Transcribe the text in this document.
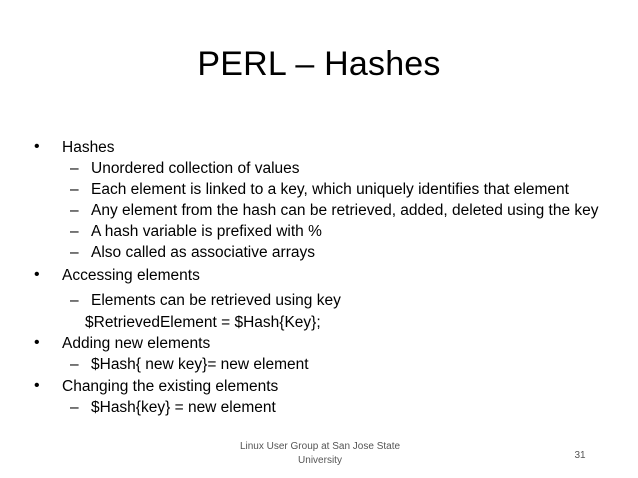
PERL – Hashes
• Hashes
– Unordered collection of values
– Each element is linked to a key, which uniquely identifies that element
– Any element from the hash can be retrieved, added, deleted using the key
– A hash variable is prefixed with %
– Also called as associative arrays
• Accessing elements
– Elements can be retrieved using key
$RetrievedElement = $Hash{Key};
• Adding new elements
– $Hash{ new key}= new element
• Changing the existing elements
– $Hash{key} = new element
Linux User Group at San Jose State
University	31
